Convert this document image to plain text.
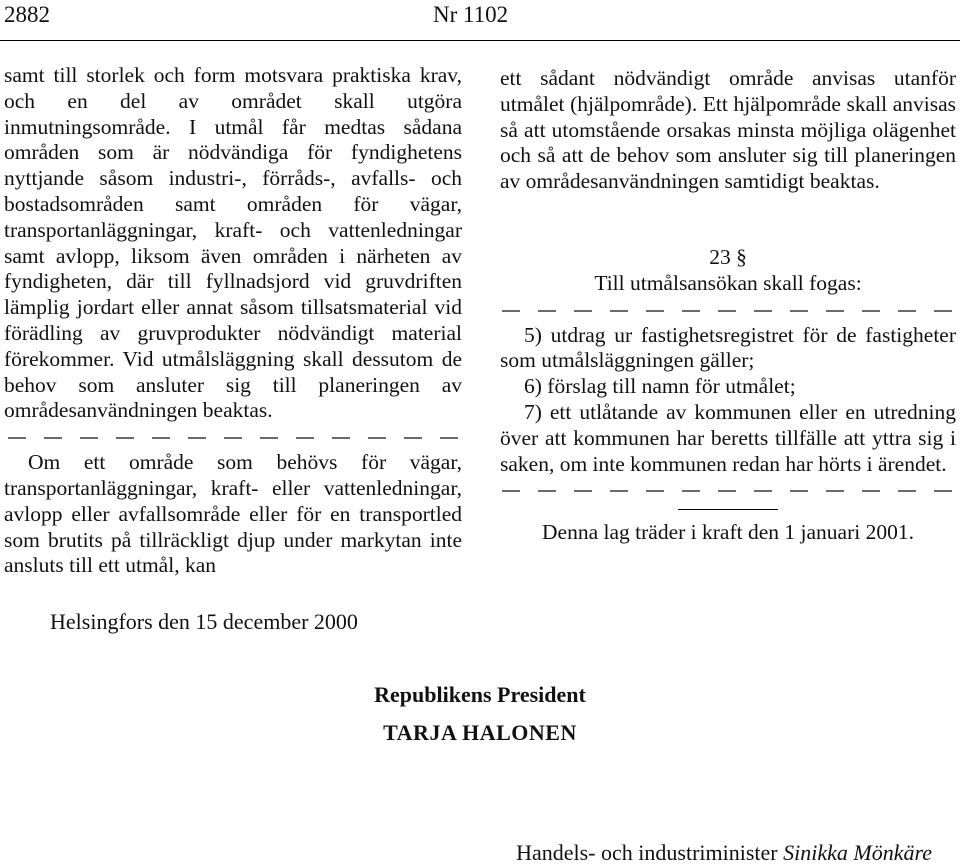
2882	Nr 1102

samt till storlek och form motsvara praktiska krav, och en del av området skall utgöra inmutningsområde. I utmål får medtas sådana områden som är nödvändiga för fyndighetens nyttjande såsom industri-, förråds-, avfalls- och bostadsområden samt områden för vägar, transportanläggningar, kraft- och vattenledningar samt avlopp, liksom även områden i närheten av fyndigheten, där till fyllnadsjord vid gruvdriften lämplig jordart eller annat såsom tillsatsmaterial vid förädling av gruvprodukter nödvändigt material förekommer. Vid utmålsläggning skall dessutom de behov som ansluter sig till planeringen av områdesanvändningen beaktas.

Om ett område som behövs för vägar, transportanläggningar, kraft- eller vattenledningar, avlopp eller avfallsområde eller för en transportled som brutits på tillräckligt djup under markytan inte ansluts till ett utmål, kan

ett sådant nödvändigt område anvisas utanför utmålet (hjälpområde). Ett hjälpområde skall anvisas så att utomstående orsakas minsta möjliga olägenhet och så att de behov som ansluter sig till planeringen av områdesanvändningen samtidigt beaktas.

23 §

Till utmålsansökan skall fogas:

5) utdrag ur fastighetsregistret för de fastigheter som utmålsläggningen gäller;

6) förslag till namn för utmålet;

7) ett utlåtande av kommunen eller en utredning över att kommunen har beretts tillfälle att yttra sig i saken, om inte kommunen redan har hörts i ärendet.

Denna lag träder i kraft den 1 januari 2001.

Helsingfors den 15 december 2000
Republikens President
TARJA HALONEN
Handels- och industriminister Sinikka Mönkäre
